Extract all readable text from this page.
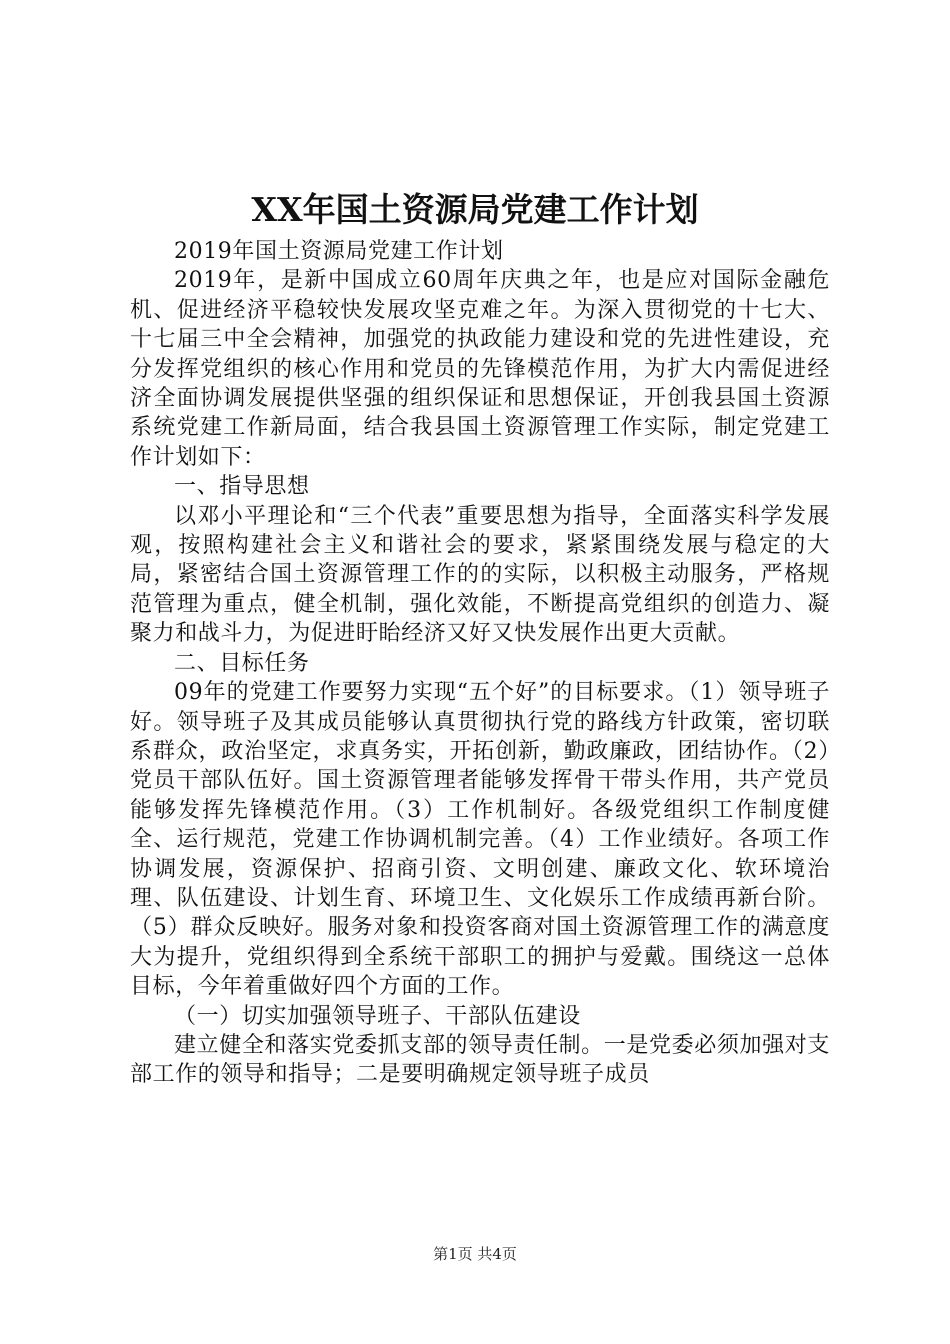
XX年国土资源局党建工作计划

2019年国土资源局党建工作计划

2019年，是新中国成立60周年庆典之年，也是应对国际金融危机、促进经济平稳较快发展攻坚克难之年。为深入贯彻党的十七大、十七届三中全会精神，加强党的执政能力建设和党的先进性建设，充分发挥党组织的核心作用和党员的先锋模范作用，为扩大内需促进经济全面协调发展提供坚强的组织保证和思想保证，开创我县国土资源系统党建工作新局面，结合我县国土资源管理工作实际，制定党建工作计划如下：

一、指导思想

以邓小平理论和“三个代表”重要思想为指导，全面落实科学发展观，按照构建社会主义和谐社会的要求，紧紧围绕发展与稳定的大局，紧密结合国土资源管理工作的的实际，以积极主动服务，严格规范管理为重点，健全机制，强化效能，不断提高党组织的创造力、凝聚力和战斗力，为促进盱眙经济又好又快发展作出更大贡献。

二、目标任务

09年的党建工作要努力实现“五个好”的目标要求。（1）领导班子好。领导班子及其成员能够认真贯彻执行党的路线方针政策，密切联系群众，政治坚定，求真务实，开拓创新，勤政廉政，团结协作。（2）党员干部队伍好。国土资源管理者能够发挥骨干带头作用，共产党员能够发挥先锋模范作用。（3）工作机制好。各级党组织工作制度健全、运行规范，党建工作协调机制完善。（4）工作业绩好。各项工作协调发展，资源保护、招商引资、文明创建、廉政文化、软环境治理、队伍建设、计划生育、环境卫生、文化娱乐工作成绩再新台阶。（5）群众反映好。服务对象和投资客商对国土资源管理工作的满意度大为提升，党组织得到全系统干部职工的拥护与爱戴。围绕这一总体目标，今年着重做好四个方面的工作。

（一）切实加强领导班子、干部队伍建设

建立健全和落实党委抓支部的领导责任制。一是党委必须加强对支部工作的领导和指导；二是要明确规定领导班子成员

第1页 共4页
